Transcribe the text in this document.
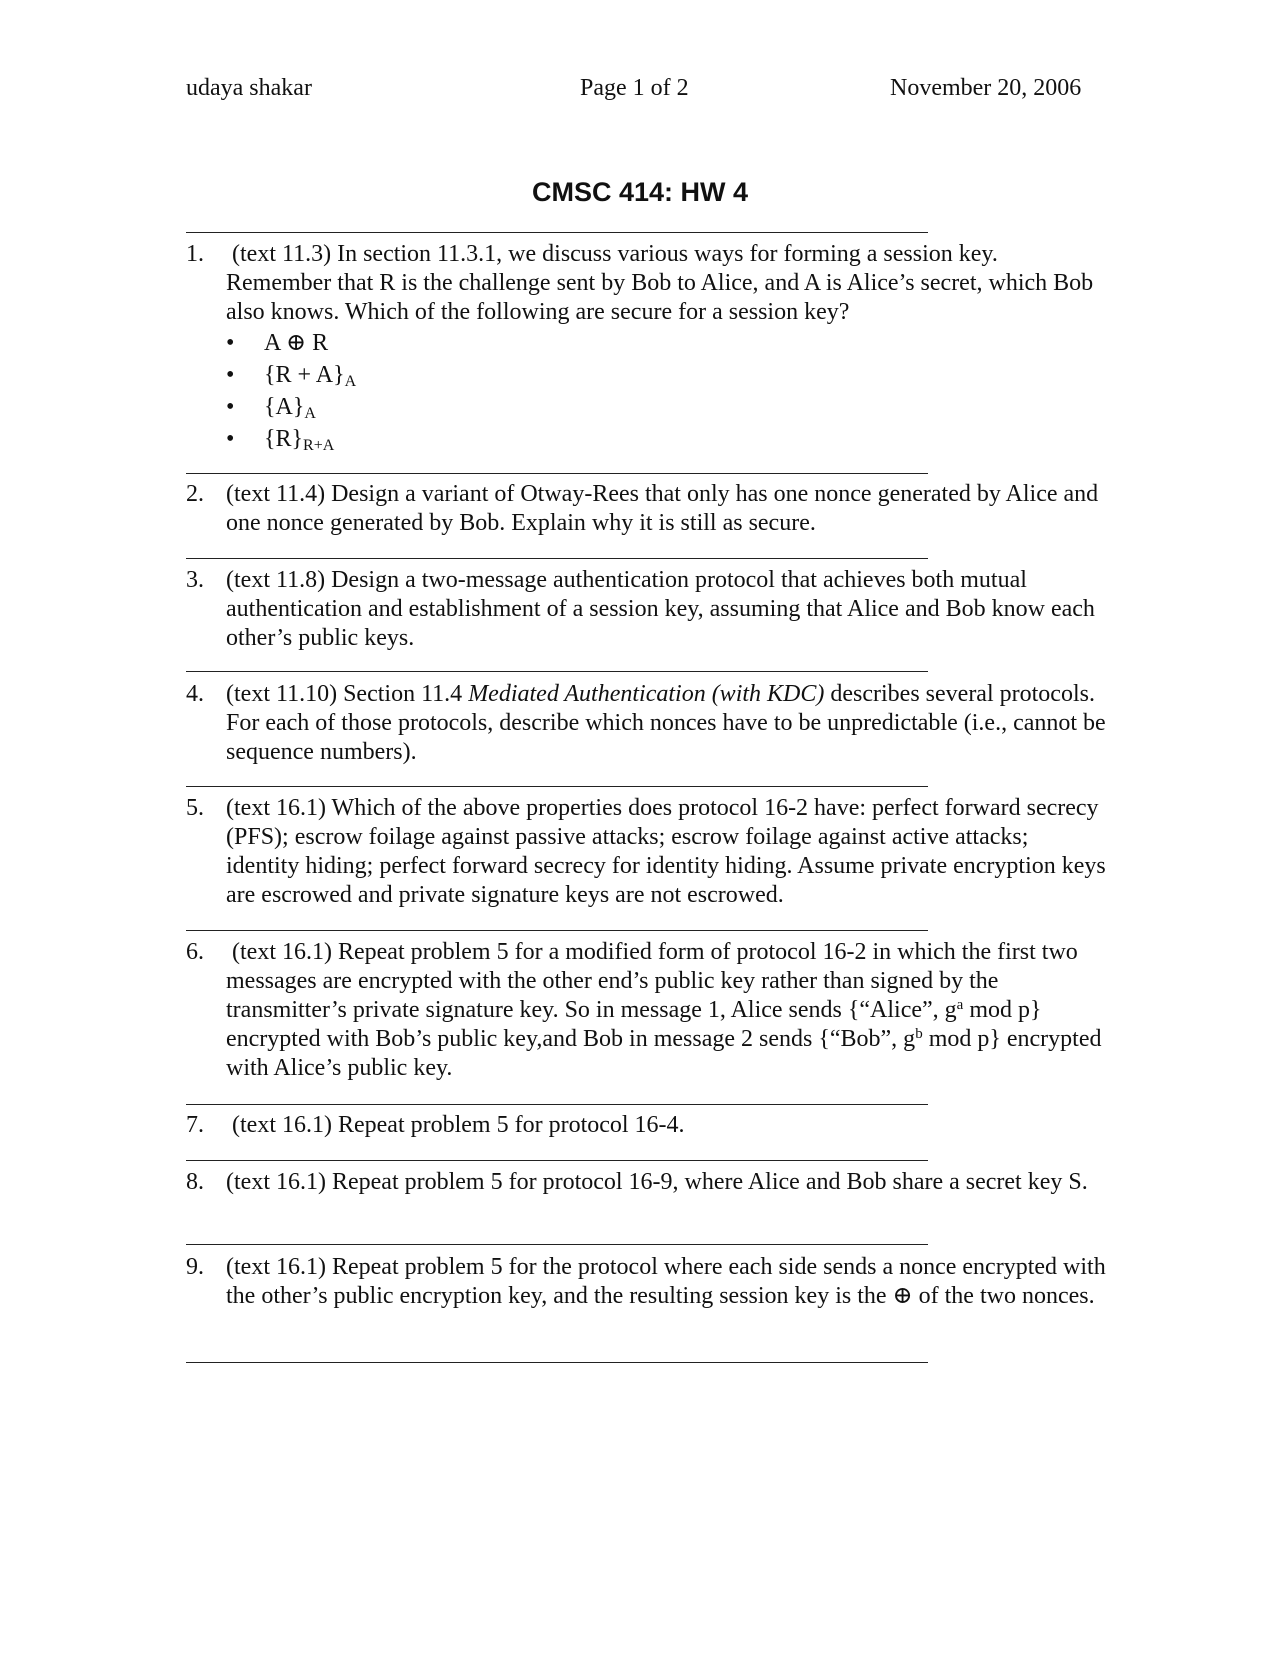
udaya shakar	Page 1 of 2	November 20, 2006
CMSC 414: HW 4
1. (text 11.3) In section 11.3.1, we discuss various ways for forming a session key. Remember that R is the challenge sent by Bob to Alice, and A is Alice’s secret, which Bob also knows. Which of the following are secure for a session key?
• A ⊕ R
• $\{R + A\}_A$
• $\{A\}_A$
• $\{R\}_{R+A}$
2. (text 11.4) Design a variant of Otway-Rees that only has one nonce generated by Alice and one nonce generated by Bob. Explain why it is still as secure.
3. (text 11.8) Design a two-message authentication protocol that achieves both mutual authentication and establishment of a session key, assuming that Alice and Bob know each other’s public keys.
4. (text 11.10) Section 11.4 Mediated Authentication (with KDC) describes several protocols. For each of those protocols, describe which nonces have to be unpredictable (i.e., cannot be sequence numbers).
5. (text 16.1) Which of the above properties does protocol 16-2 have: perfect forward secrecy (PFS); escrow foilage against passive attacks; escrow foilage against active attacks; identity hiding; perfect forward secrecy for identity hiding. Assume private encryption keys are escrowed and private signature keys are not escrowed.
6. (text 16.1) Repeat problem 5 for a modified form of protocol 16-2 in which the first two messages are encrypted with the other end’s public key rather than signed by the transmitter’s private signature key. So in message 1, Alice sends {“Alice”, $g^a$ mod p} encrypted with Bob’s public key,and Bob in message 2 sends {“Bob”, $g^b$ mod p} encrypted with Alice’s public key.
7. (text 16.1) Repeat problem 5 for protocol 16-4.
8. (text 16.1) Repeat problem 5 for protocol 16-9, where Alice and Bob share a secret key S.
9. (text 16.1) Repeat problem 5 for the protocol where each side sends a nonce encrypted with the other’s public encryption key, and the resulting session key is the ⊕ of the two nonces.
